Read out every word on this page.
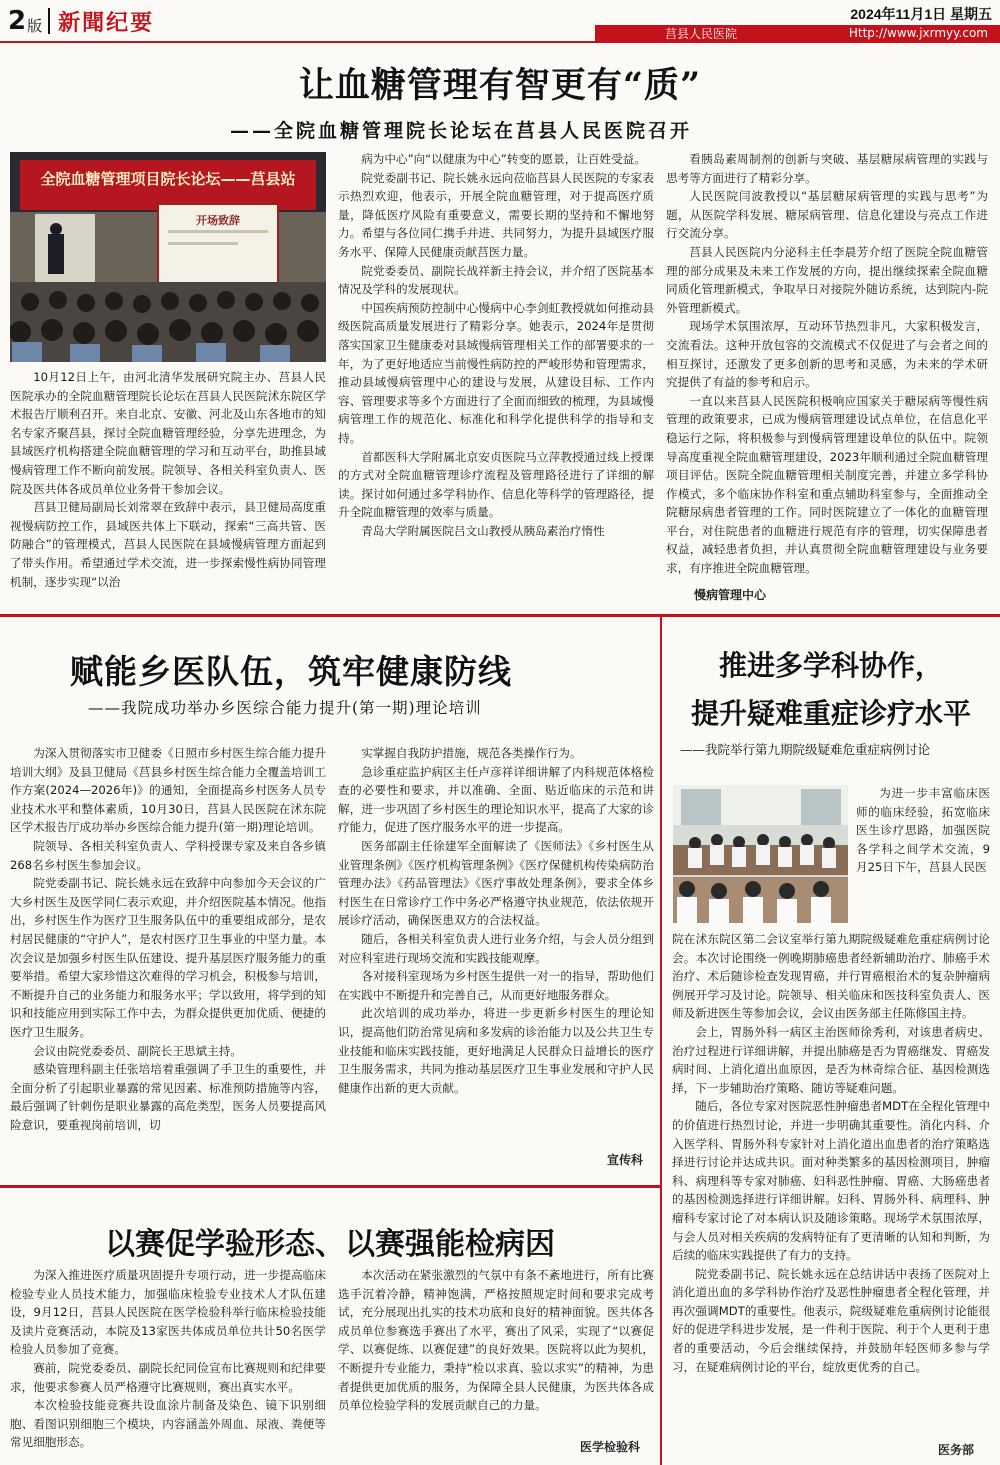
2 版 新聞纪要	2024年11月1日 星期五
莒县人民医院	Http://www.jxrmyy.com
让血糖管理有智更有“质”
——全院血糖管理院长论坛在莒县人民医院召开
全院血糖管理项目院长论坛——莒县站
开场致辞

10月12日上午，由河北清华发展研究院主办、莒县人民医院承办的全院血糖管理院长论坛在莒县人民医院沭东院区学术报告厅顺利召开。来自北京、安徽、河北及山东各地市的知名专家齐聚莒县，探讨全院血糖管理经验，分享先进理念，为县域医疗机构搭建全院血糖管理的学习和互动平台，助推县域慢病管理工作不断向前发展。院领导、各相关科室负责人、医院及医共体各成员单位业务骨干参加会议。

莒县卫健局副局长刘常翠在致辞中表示，县卫健局高度重视慢病防控工作，县域医共体上下联动，探索“三高共管、医防融合”的管理模式，莒县人民医院在县域慢病管理方面起到了带头作用。希望通过学术交流，进一步探索慢性病协同管理机制，逐步实现“以治

病为中心”向“以健康为中心”转变的愿景，让百姓受益。

院党委副书记、院长姚永远向莅临莒县人民医院的专家表示热烈欢迎，他表示，开展全院血糖管理，对于提高医疗质量，降低医疗风险有重要意义，需要长期的坚持和不懈地努力。希望与各位同仁携手并进、共同努力，为提升县域医疗服务水平、保障人民健康贡献莒医力量。

院党委委员、副院长战祥新主持会议，并介绍了医院基本情况及学科的发展现状。

中国疾病预防控制中心慢病中心李剑虹教授就如何推动县级医院高质量发展进行了精彩分享。她表示，2024年是贯彻落实国家卫生健康委对县域慢病管理相关工作的部署要求的一年，为了更好地适应当前慢性病防控的严峻形势和管理需求，推动县域慢病管理中心的建设与发展，从建设目标、工作内容、管理要求等多个方面进行了全面而细致的梳理，为县域慢病管理工作的规范化、标准化和科学化提供科学的指导和支持。

首都医科大学附属北京安贞医院马立萍教授通过线上授课的方式对全院血糖管理诊疗流程及管理路径进行了详细的解读。探讨如何通过多学科协作、信息化等科学的管理路径，提升全院血糖管理的效率与质量。

青岛大学附属医院吕文山教授从胰岛素治疗惰性

看胰岛素周制剂的创新与突破、基层糖尿病管理的实践与思考等方面进行了精彩分享。

人民医院闫波教授以“基层糖尿病管理的实践与思考”为题，从医院学科发展、糖尿病管理、信息化建设与亮点工作进行交流分享。

莒县人民医院内分泌科主任李晨芳介绍了医院全院血糖管理的部分成果及未来工作发展的方向，提出继续探索全院血糖同质化管理新模式，争取早日对接院外随访系统，达到院内-院外管理新模式。

现场学术氛围浓厚，互动环节热烈非凡，大家积极发言，交流看法。这种开放包容的交流模式不仅促进了与会者之间的相互探讨，还激发了更多创新的思考和灵感，为未来的学术研究提供了有益的参考和启示。

一直以来莒县人民医院积极响应国家关于糖尿病等慢性病管理的政策要求，已成为慢病管理建设试点单位，在信息化平稳运行之际，将积极参与到慢病管理建设单位的队伍中。院领导高度重视全院血糖管理建设，2023年顺利通过全院血糖管理项目评估。医院全院血糖管理相关制度完善，并建立多学科协作模式，多个临床协作科室和重点辅助科室参与，全面推动全院糖尿病患者管理的工作。同时医院建立了一体化的血糖管理平台，对住院患者的血糖进行规范有序的管理，切实保障患者权益，减轻患者负担，并认真贯彻全院血糖管理建设与业务要求，有序推进全院血糖管理。

慢病管理中心
赋能乡医队伍，筑牢健康防线
——我院成功举办乡医综合能力提升(第一期)理论培训

为深入贯彻落实市卫健委《日照市乡村医生综合能力提升培训大纲》及县卫健局《莒县乡村医生综合能力全覆盖培训工作方案(2024—2026年)》的通知，全面提高乡村医务人员专业技术水平和整体素质，10月30日，莒县人民医院在沭东院区学术报告厅成功举办乡医综合能力提升(第一期)理论培训。

院领导、各相关科室负责人、学科授课专家及来自各乡镇268名乡村医生参加会议。

院党委副书记、院长姚永远在致辞中向参加今天会议的广大乡村医生及医学同仁表示欢迎，并介绍医院基本情况。他指出，乡村医生作为医疗卫生服务队伍中的重要组成部分，是农村居民健康的“守护人”，是农村医疗卫生事业的中坚力量。本次会议是加强乡村医生队伍建设、提升基层医疗服务能力的重要举措。希望大家珍惜这次难得的学习机会，积极参与培训，不断提升自己的业务能力和服务水平；学以致用，将学到的知识和技能应用到实际工作中去，为群众提供更加优质、便捷的医疗卫生服务。

会议由院党委委员、副院长王思斌主持。

感染管理科副主任张培培着重强调了手卫生的重要性，并全面分析了引起职业暴露的常见因素、标准预防措施等内容，最后强调了针刺伤是职业暴露的高危类型，医务人员要提高风险意识，要重视岗前培训，切

实掌握自我防护措施，规范各类操作行为。

急诊重症监护病区主任卢彦祥详细讲解了内科规范体格检查的必要性和要求，并以准确、全面、贴近临床的示范和讲解，进一步巩固了乡村医生的理论知识水平，提高了大家的诊疗能力，促进了医疗服务水平的进一步提高。

医务部副主任徐建军全面解读了《医师法》《乡村医生从业管理条例》《医疗机构管理条例》《医疗保健机构传染病防治管理办法》《药品管理法》《医疗事故处理条例》，要求全体乡村医生在日常诊疗工作中务必严格遵守执业规范，依法依规开展诊疗活动，确保医患双方的合法权益。

随后，各相关科室负责人进行业务介绍，与会人员分组到对应科室进行现场交流和实践技能观摩。

各对接科室现场为乡村医生提供一对一的指导，帮助他们在实践中不断提升和完善自己，从而更好地服务群众。

此次培训的成功举办，将进一步更新乡村医生的理论知识，提高他们防治常见病和多发病的诊治能力以及公共卫生专业技能和临床实践技能，更好地满足人民群众日益增长的医疗卫生服务需求，共同为推动基层医疗卫生事业发展和守护人民健康作出新的更大贡献。

宣传科
推进多学科协作，
提升疑难重症诊疗水平
——我院举行第九期院级疑难危重症病例讨论

为进一步丰富临床医师的临床经验，拓宽临床医生诊疗思路，加强医院各学科之间学术交流，9月25日下午，莒县人民医

院在沭东院区第二会议室举行第九期院级疑难危重症病例讨论会。本次讨论围绕一例晚期肺癌患者经新辅助治疗、肺癌手术治疗、术后随诊检查发现胃癌，并行胃癌根治术的复杂肿瘤病例展开学习及讨论。院领导、相关临床和医技科室负责人、医师及新进医生等参加会议，会议由医务部主任陈修国主持。

会上，胃肠外科一病区主治医师徐秀利，对该患者病史、治疗过程进行详细讲解，并提出肺癌是否为胃癌继发、胃癌发病时间、上消化道出血原因，是否为林奇综合征、基因检测选择，下一步辅助治疗策略、随访等疑难问题。

随后，各位专家对医院恶性肿瘤患者MDT在全程化管理中的价值进行热烈讨论，并进一步明确其重要性。消化内科、介入医学科、胃肠外科专家针对上消化道出血患者的治疗策略选择进行讨论并达成共识。面对种类繁多的基因检测项目，肿瘤科、病理科等专家对肺癌、妇科恶性肿瘤、胃癌、大肠癌患者的基因检测选择进行详细讲解。妇科、胃肠外科、病理科、肿瘤科专家讨论了对本病认识及随诊策略。现场学术氛围浓厚，与会人员对相关疾病的发病特征有了更清晰的认知和判断，为后续的临床实践提供了有力的支持。

院党委副书记、院长姚永远在总结讲话中表扬了医院对上消化道出血的多学科协作治疗及恶性肿瘤患者全程化管理，并再次强调MDT的重要性。他表示，院级疑难危重病例讨论能很好的促进学科进步发展，是一件利于医院、利于个人更利于患者的重要活动，今后会继续保持，并鼓励年轻医师多参与学习，在疑难病例讨论的平台，绽放更优秀的自己。

医务部
以赛促学验形态、以赛强能检病因

为深入推进医疗质量巩固提升专项行动，进一步提高临床检验专业人员技术能力，加强临床检验专业技术人才队伍建设，9月12日，莒县人民医院在医学检验科举行临床检验技能及读片竞赛活动，本院及13家医共体成员单位共计50名医学检验人员参加了竞赛。

赛前，院党委委员、副院长纪同俭宣布比赛规则和纪律要求，他要求参赛人员严格遵守比赛规则，赛出真实水平。

本次检验技能竞赛共设血涂片制备及染色、镜下识别细胞、看图识别细胞三个模块，内容涵盖外周血、尿液、粪便等常见细胞形态。

本次活动在紧张激烈的气氛中有条不紊地进行，所有比赛选手沉着冷静，精神饱满，严格按照规定时间和要求完成考试，充分展现出扎实的技术功底和良好的精神面貌。医共体各成员单位参赛选手赛出了水平，赛出了风采，实现了“以赛促学、以赛促练、以赛促建”的良好效果。医院将以此为契机，不断提升专业能力，秉持“检以求真、验以求实”的精神，为患者提供更加优质的服务，为保障全县人民健康，为医共体各成员单位检验学科的发展贡献自己的力量。

医学检验科
